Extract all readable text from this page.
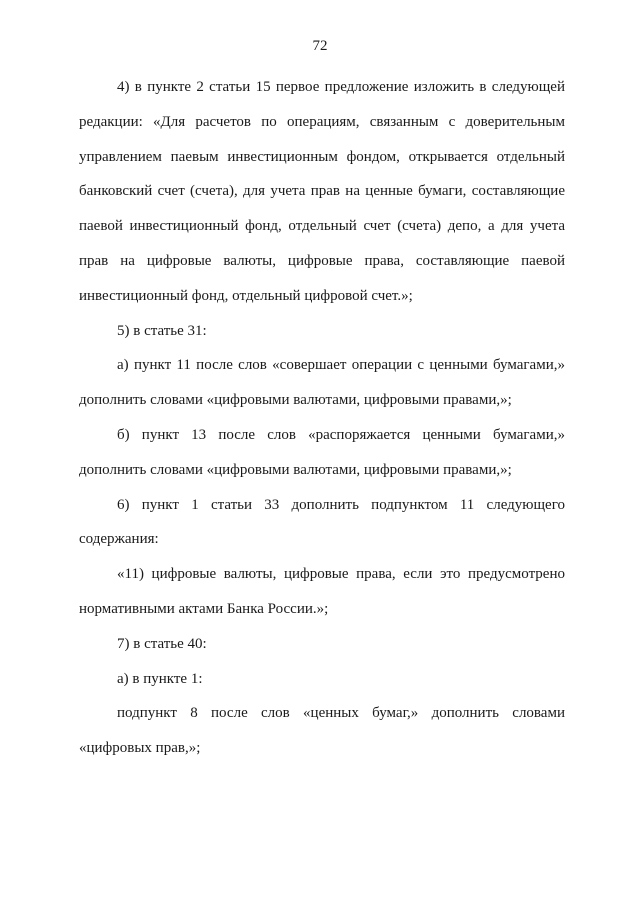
72

4) в пункте 2 статьи 15 первое предложение изложить в следующей редакции: «Для расчетов по операциям, связанным с доверительным управлением паевым инвестиционным фондом, открывается отдельный банковский счет (счета), для учета прав на ценные бумаги, составляющие паевой инвестиционный фонд, отдельный счет (счета) депо, а для учета прав на цифровые валюты, цифровые права, составляющие паевой инвестиционный фонд, отдельный цифровой счет.»;

5) в статье 31:

а) пункт 11 после слов «совершает операции с ценными бумагами,» дополнить словами «цифровыми валютами, цифровыми правами,»;

б) пункт 13 после слов «распоряжается ценными бумагами,» дополнить словами «цифровыми валютами, цифровыми правами,»;

6) пункт 1 статьи 33 дополнить подпунктом 11 следующего содержания:

«11) цифровые валюты, цифровые права, если это предусмотрено нормативными актами Банка России.»;

7) в статье 40:

а) в пункте 1:

подпункт 8 после слов «ценных бумаг,» дополнить словами «цифровых прав,»;
